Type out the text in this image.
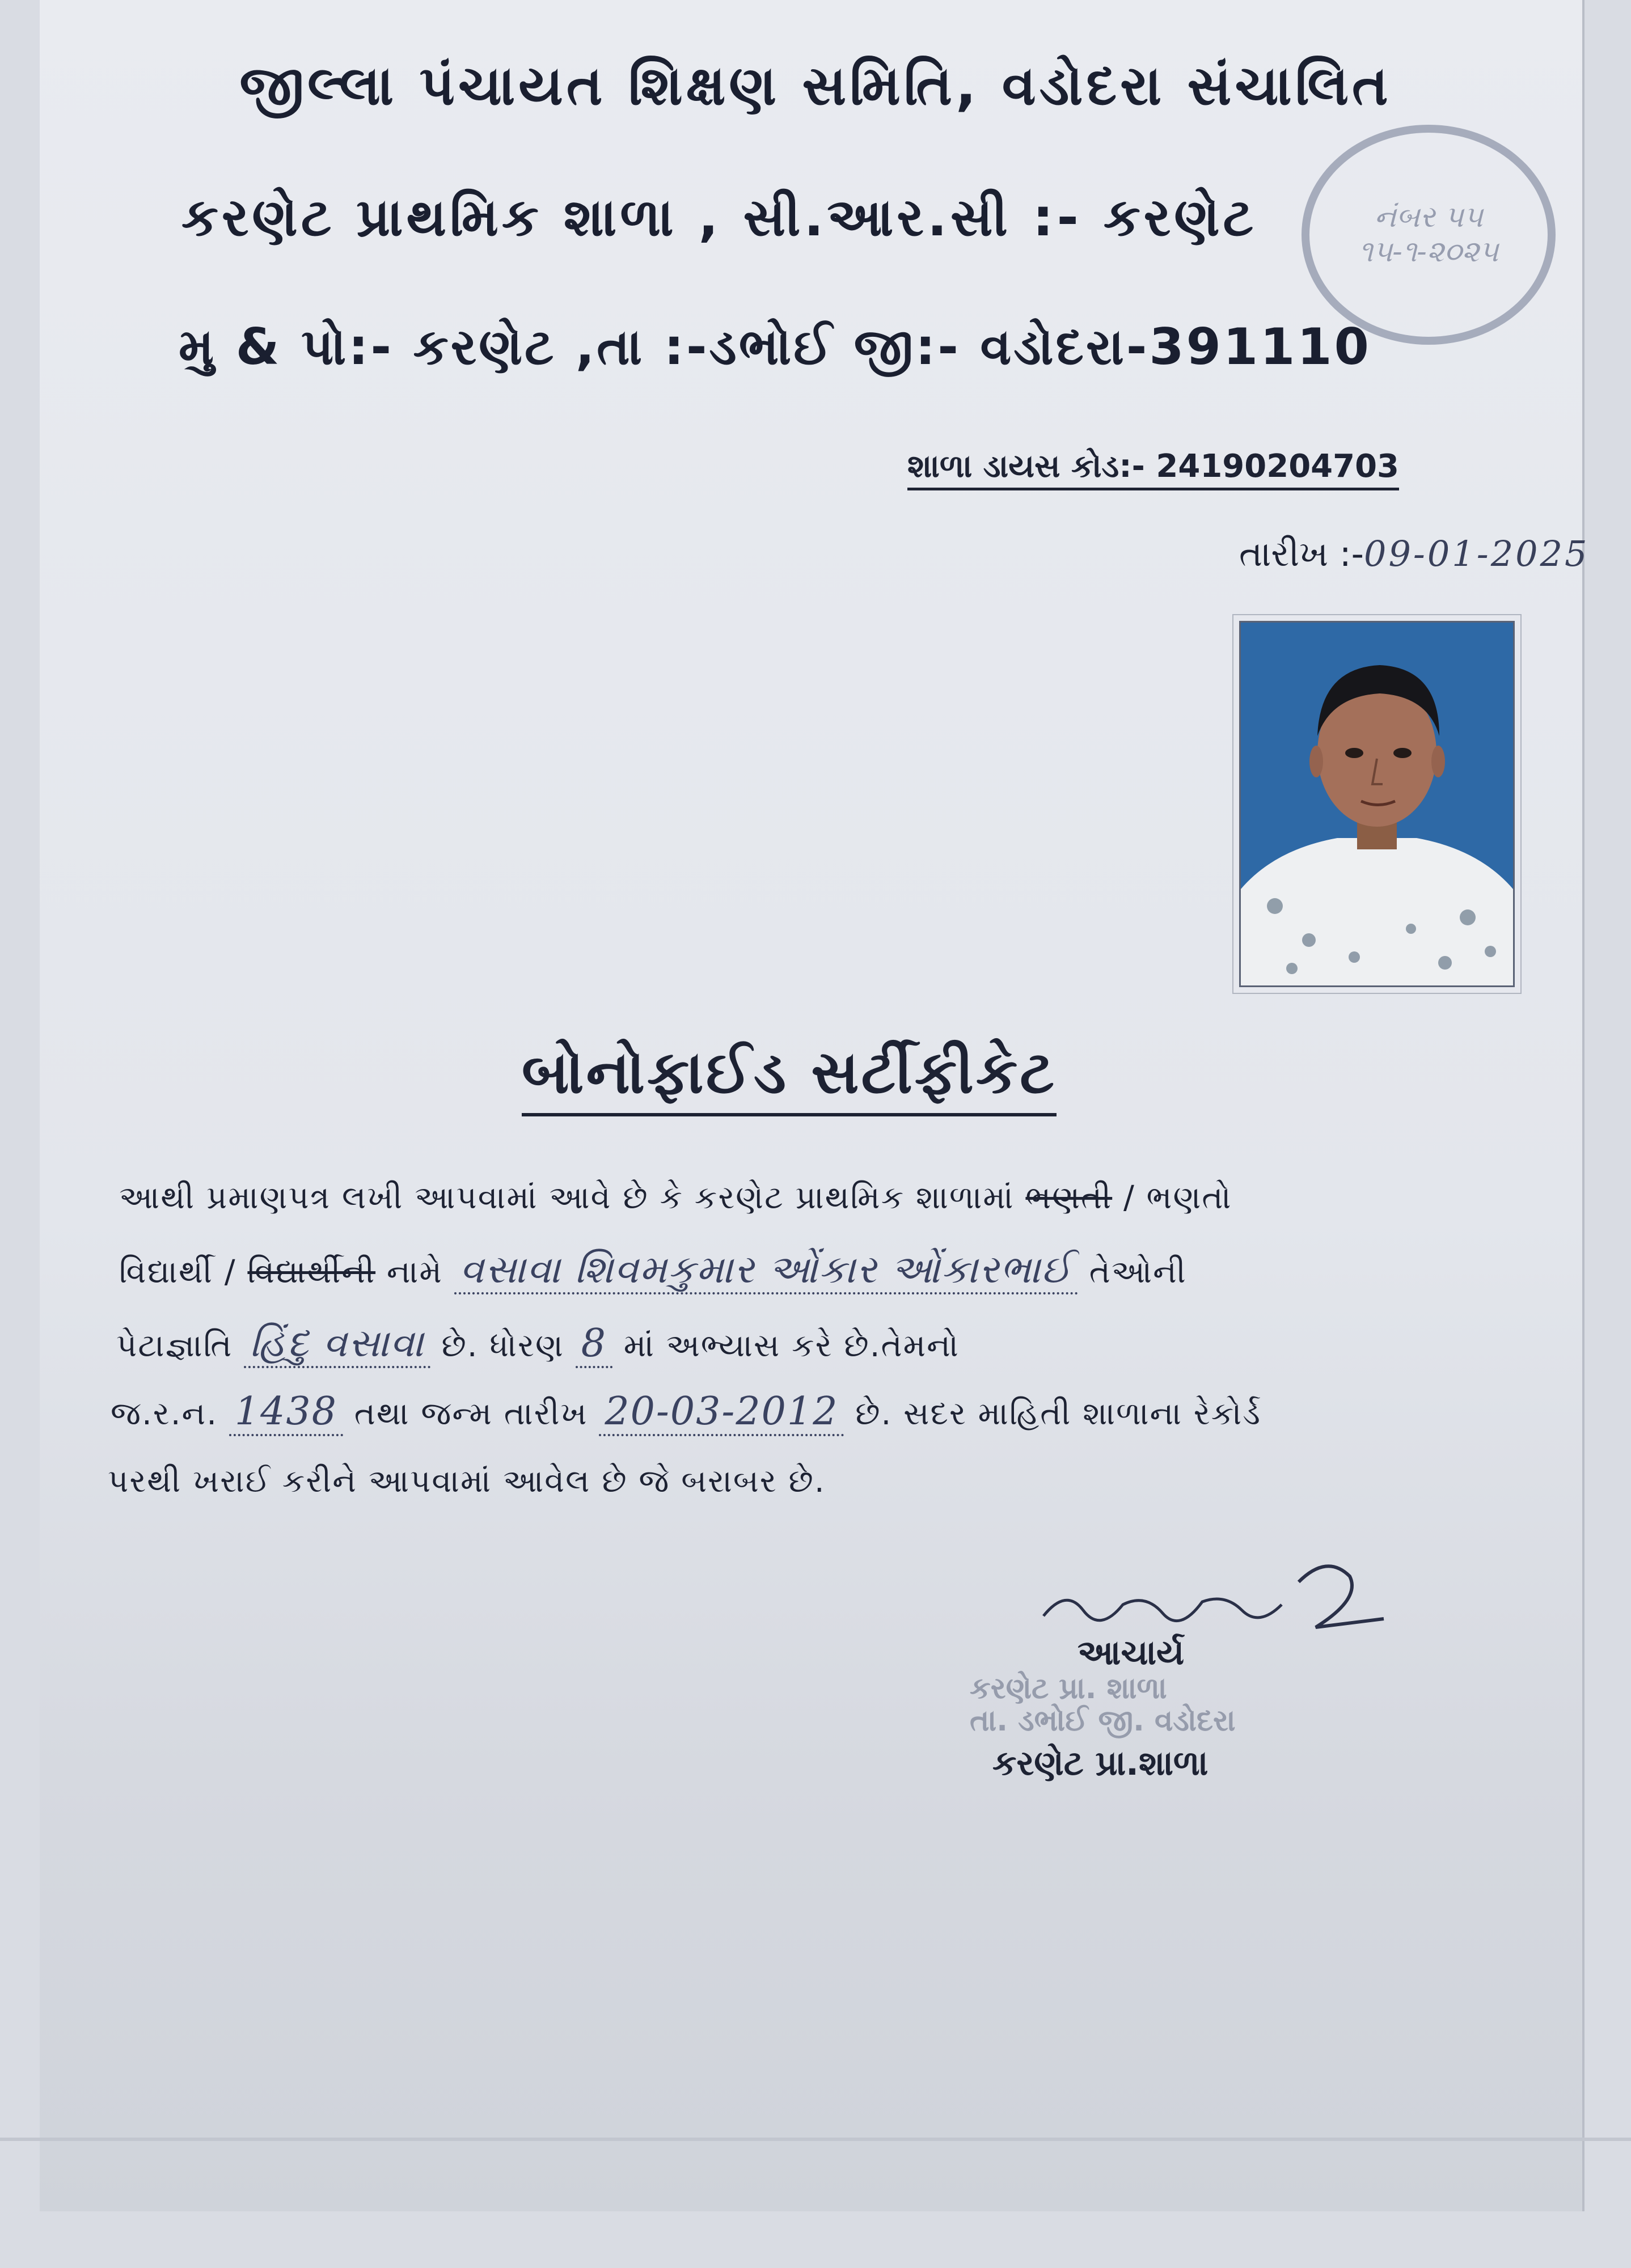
જીલ્લા પંચાયત શિક્ષણ સમિતિ, વડોદરા સંચાલિત
કરણેટ પ્રાથમિક શાળા , સી.આર.સી :- કરણેટ
મુ & પો:- કરણેટ ,તા :-ડભોઈ જી:- વડોદરા-391110
નંબર પ૫
૧૫-૧-૨૦૨૫
શાળા ડાયસ કોડ:- 24190204703
તારીખ :-09-01-2025
બોનોફાઈડ સર્ટીફીકેટ
આથી પ્રમાણપત્ર લખી આપવામાં આવે છે કે કરણેટ પ્રાથમિક શાળામાં ભણતી / ભણતો
વિદ્યાર્થી / વિદ્યાર્થીની નામે વસાવા શિવમકુમાર ઓંકાર ઓંકારભાઈ તેઓની
પેટાજ્ઞાતિ હિંદુ વસાવા છે. ધોરણ 8 માં અભ્યાસ કરે છે.તેમનો
જ.ર.ન. 1438 તથા જન્મ તારીખ 20-03-2012 છે. સદર માહિતી શાળાના રેકોર્ડ
પરથી ખરાઈ કરીને આપવામાં આવેલ છે જે બરાબર છે.
આચાર્ય
કરણેટ પ્રા. શાળા
તા. ડભોઈ જી. વડોદરા
કરણેટ પ્રા.શાળા
